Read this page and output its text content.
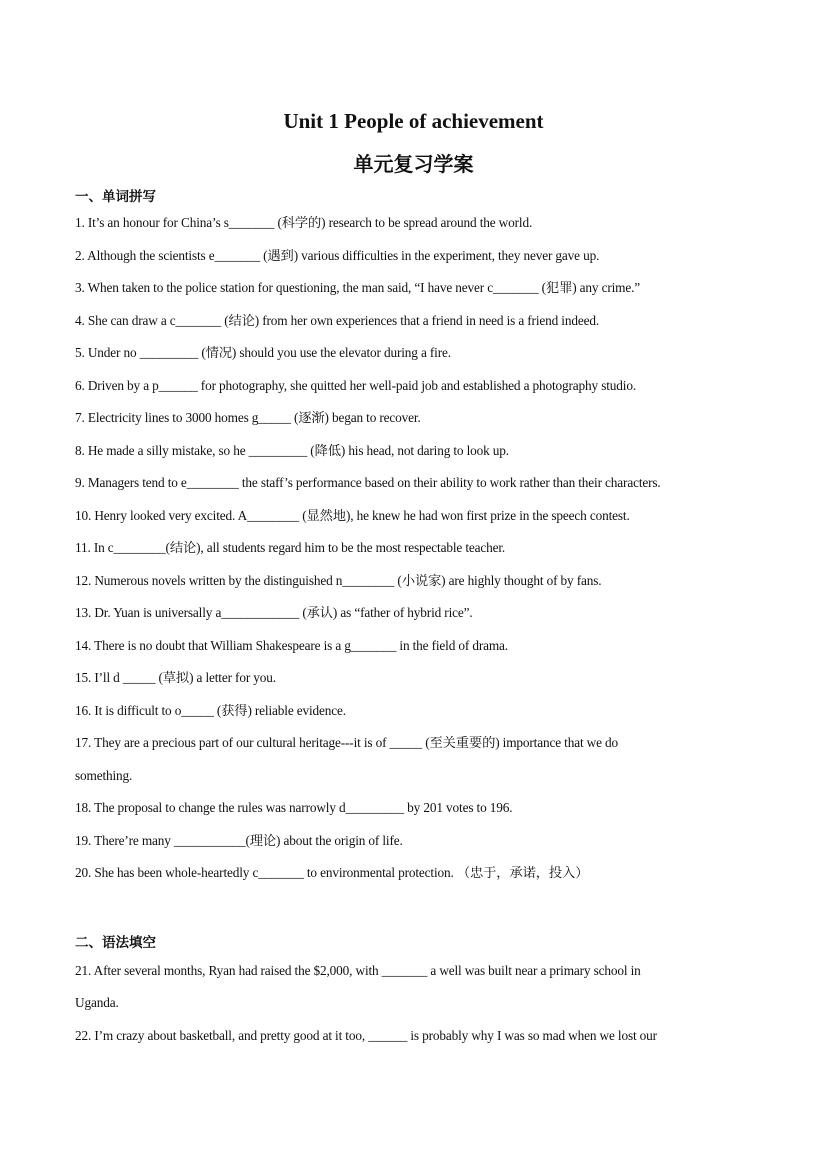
Unit 1 People of achievement
单元复习学案
一、单词拼写
1. It’s an honour for China’s s_______ (科学的) research to be spread around the world.
2. Although the scientists e_______ (遇到) various difficulties in the experiment, they never gave up.
3. When taken to the police station for questioning, the man said, “I have never c_______ (犯罪) any crime.”
4. She can draw a c_______ (结论) from her own experiences that a friend in need is a friend indeed.
5. Under no _________ (情况) should you use the elevator during a fire.
6. Driven by a p______ for photography, she quitted her well-paid job and established a photography studio.
7. Electricity lines to 3000 homes g_____ (逐渐) began to recover.
8. He made a silly mistake, so he _________ (降低) his head, not daring to look up.
9. Managers tend to e________ the staff’s performance based on their ability to work rather than their characters.
10. Henry looked very excited. A________ (显然地), he knew he had won first prize in the speech contest.
11. In c________(结论), all students regard him to be the most respectable teacher.
12. Numerous novels written by the distinguished n________ (小说家) are highly thought of by fans.
13. Dr. Yuan is universally a____________ (承认) as “father of hybrid rice”.
14. There is no doubt that William Shakespeare is a g_______ in the field of drama.
15. I’ll d _____ (草拟) a letter for you.
16. It is difficult to o_____ (获得) reliable evidence.
17. They are a precious part of our cultural heritage---it is of _____ (至关重要的) importance that we do
something.
18. The proposal to change the rules was narrowly d_________ by 201 votes to 196.
19. There’re many ___________(理论) about the origin of life.
20. She has been whole-heartedly c_______ to environmental protection. （忠于，承诺，投入）
二、语法填空
21. After several months, Ryan had raised the $2,000, with _______ a well was built near a primary school in
Uganda.
22. I’m crazy about basketball, and pretty good at it too, ______ is probably why I was so mad when we lost our
